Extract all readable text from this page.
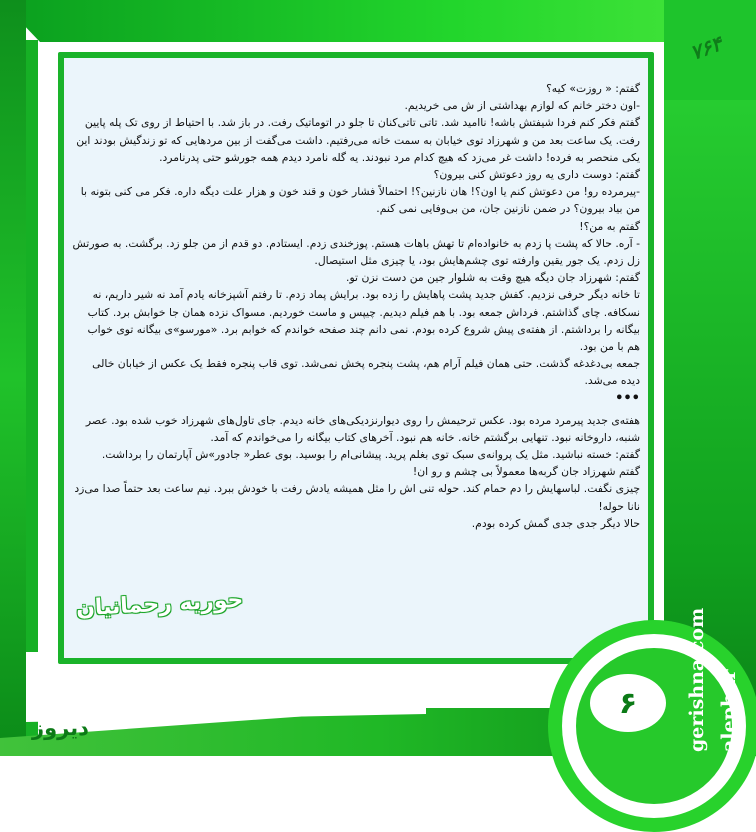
۷۶۴

گفتم: « روزت» کیه؟

-اون دختر خانم که لوازم بهداشتی از ش می خریدیم.

گفتم فکر کنم فردا شیفتش باشه! ناامید شد. تاتی تاتی‌کنان تا جلو در اتوماتیک رفت. در باز شد. با احتیاط از روی تک پله پایین رفت. یک ساعت بعد من و شهرزاد توی خیابان به سمت خانه می‌رفتیم. داشت می‌گفت از بین مردهایی که تو زندگیش بودند این یکی منحصر به فرده! داشت غر می‌زد که هیچ کدام مرد نبودند. یه گله نامرد دیدم همه جورشو حتی پدرنامرد.

گفتم: دوست داری یه روز دعوتش کنی بیرون؟

-پیرمرده رو! من دعوتش کنم یا اون؟! هان نازنین؟! احتمالاً فشار خون و قند خون و هزار علت دیگه داره. فکر می کنی بتونه با من بیاد بیرون؟ در ضمن نازنین جان، من بی‌وفایی نمی کنم.

گفتم به من؟!

- آره. حالا که پشت پا زدم به خانواده‌ام تا تهش باهات هستم. پوزخندی زدم. ایستادم. دو قدم از من جلو زد. برگشت. به صورتش زل زدم. یک جور یقین وارفته توی چشم‌هایش بود، یا چیزی مثل استیصال.

گفتم: شهرزاد جان دیگه هیچ وقت به شلوار جین من دست نزن تو.

تا خانه دیگر حرفی نزدیم. کفش جدید پشت پاهایش را زده بود. برایش پماد زدم. تا رفتم آشپزخانه یادم آمد نه شیر داریم، نه نسکافه. چای گذاشتم. فرداش جمعه بود. با هم فیلم دیدیم. چیپس و ماست خوردیم. مسواک نزده همان جا خوابش برد. کتاب بیگانه را برداشتم. از هفته‌ی پیش شروع کرده بودم. نمی دانم چند صفحه خواندم که خوابم برد. «مورسو»ی بیگانه توی خواب هم با من بود.

جمعه بی‌دغدغه گذشت. حتی همان فیلم آرام هم، پشت پنجره پخش نمی‌شد. توی قاب پنجره فقط یک عکس از خیابان خالی دیده می‌شد.

•••

هفته‌ی جدید پیرمرد مرده بود. عکس ترحیمش را روی دیوارنزدیکی‌های خانه دیدم. جای تاول‌های شهرزاد خوب شده بود. عصر شنبه، داروخانه نبود. تنهایی برگشتم خانه. خانه هم نبود. آخرهای کتاب بیگانه را می‌خواندم که آمد.

گفتم: خسته نباشید. مثل یک پروانه‌ی سبک توی بغلم پرید. پیشانی‌ام را بوسید. بوی عطر« جادور»ش آپارتمان را برداشت.

گفتم شهرزاد جان گربه‌ها معمولاً بی چشم و رو ان!

چیزی نگفت. لباسهایش را دم حمام کند. حوله تنی اش را مثل همیشه یادش رفت با خودش ببرد. نیم ساعت بعد حتماً صدا می‌زد نانا حوله!

حالا دیگر جدی جدی گمش کرده بودم.

حوریه رحمانیان
۶	gerishna.com aleph.ir
دیروز
